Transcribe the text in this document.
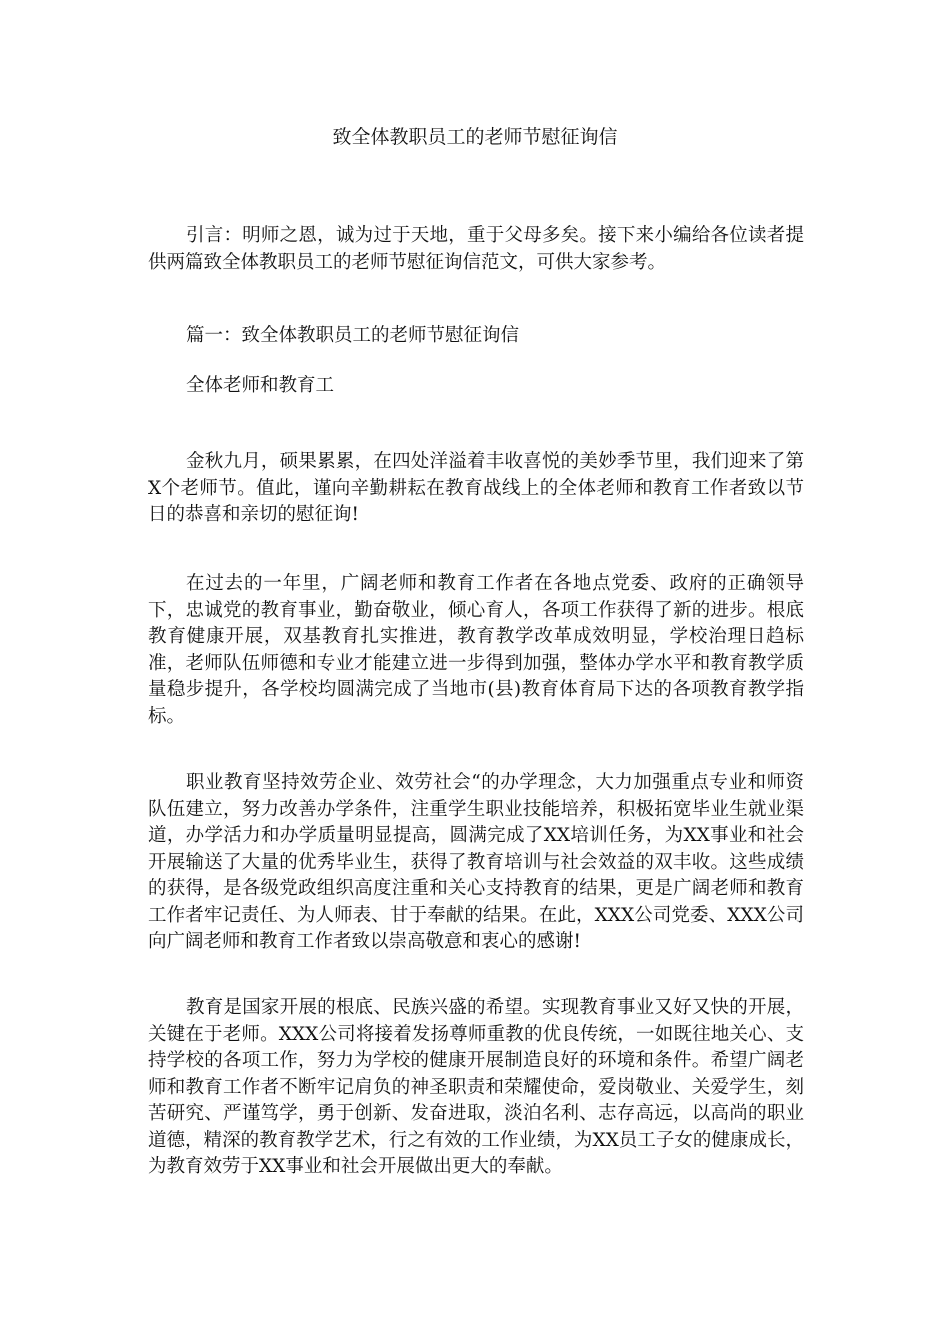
致全体教职员工的老师节慰征询信

引言：明师之恩，诚为过于天地，重于父母多矣。接下来小编给各位读者提供两篇致全体教职员工的老师节慰征询信范文，可供大家参考。

篇一：致全体教职员工的老师节慰征询信

全体老师和教育工

金秋九月，硕果累累，在四处洋溢着丰收喜悦的美妙季节里，我们迎来了第X个老师节。值此，谨向辛勤耕耘在教育战线上的全体老师和教育工作者致以节日的恭喜和亲切的慰征询!

在过去的一年里，广阔老师和教育工作者在各地点党委、政府的正确领导下，忠诚党的教育事业，勤奋敬业，倾心育人，各项工作获得了新的进步。根底教育健康开展，双基教育扎实推进，教育教学改革成效明显，学校治理日趋标准，老师队伍师德和专业才能建立进一步得到加强，整体办学水平和教育教学质量稳步提升，各学校均圆满完成了当地市(县)教育体育局下达的各项教育教学指标。

职业教育坚持效劳企业、效劳社会“的办学理念，大力加强重点专业和师资队伍建立，努力改善办学条件，注重学生职业技能培养，积极拓宽毕业生就业渠道，办学活力和办学质量明显提高，圆满完成了XX培训任务，为XX事业和社会开展输送了大量的优秀毕业生，获得了教育培训与社会效益的双丰收。这些成绩的获得，是各级党政组织高度注重和关心支持教育的结果，更是广阔老师和教育工作者牢记责任、为人师表、甘于奉献的结果。在此，XXX公司党委、XXX公司向广阔老师和教育工作者致以崇高敬意和衷心的感谢!

教育是国家开展的根底、民族兴盛的希望。实现教育事业又好又快的开展，关键在于老师。XXX公司将接着发扬尊师重教的优良传统，一如既往地关心、支持学校的各项工作，努力为学校的健康开展制造良好的环境和条件。希望广阔老师和教育工作者不断牢记肩负的神圣职责和荣耀使命，爱岗敬业、关爱学生，刻苦研究、严谨笃学，勇于创新、发奋进取，淡泊名利、志存高远，以高尚的职业道德，精深的教育教学艺术，行之有效的工作业绩，为XX员工子女的健康成长，为教育效劳于XX事业和社会开展做出更大的奉献。
